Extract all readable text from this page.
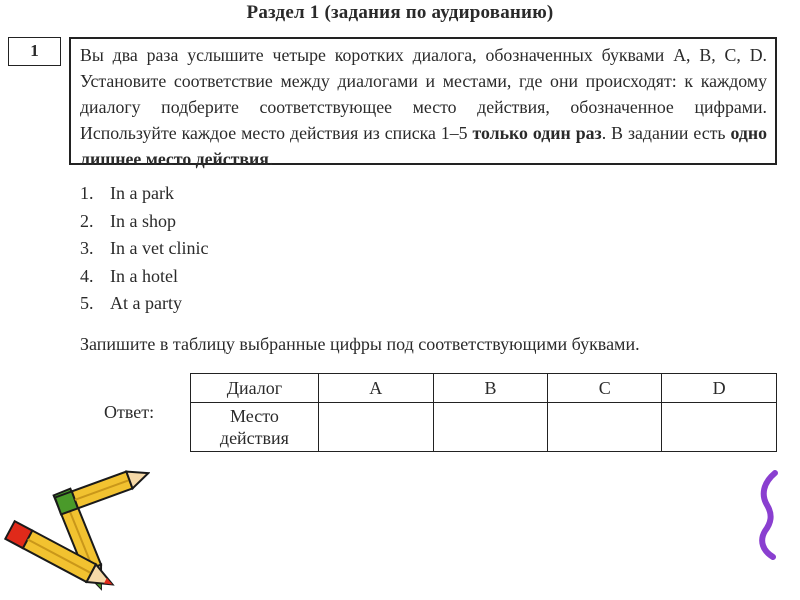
Раздел 1 (задания по аудированию)
1	Вы два раза услышите четыре коротких диалога, обозначенных буквами А, В, С, D. Установите соответствие между диалогами и местами, где они происходят: к каждому диалогу подберите соответствующее место действия, обозначенное цифрами. Используйте каждое место действия из списка 1–5 только один раз. В задании есть одно лишнее место действия.
1. In a park
2. In a shop
3. In a vet clinic
4. In a hotel
5. At a party
Запишите в таблицу выбранные цифры под соответствующими буквами.
Ответ:
Диалог	A	B	C	D
Место
действия				
